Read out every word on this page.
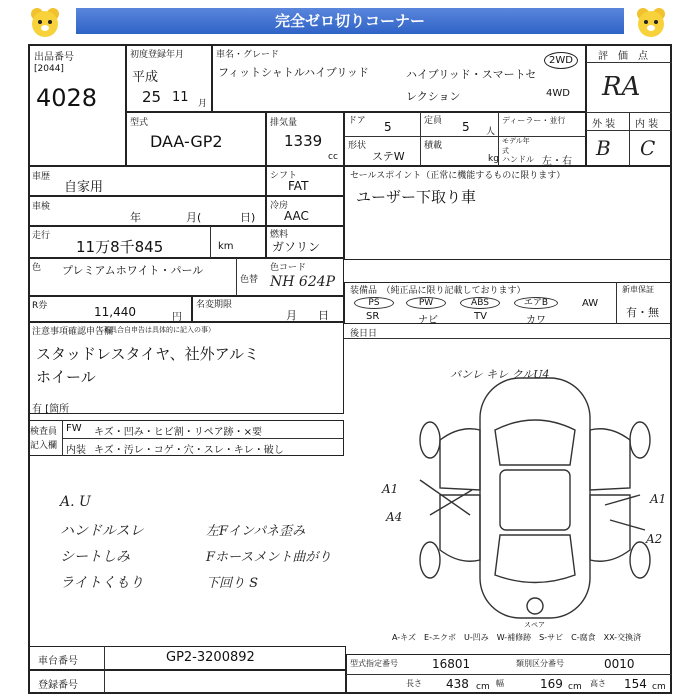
完全ゼロ切りコーナー
出品番号
[2044]
4028
初度登録年月
平成
25 11 月
車名・グレード
フィットシャトルハイブリッド	ハイブリッド・スマートセレクション
2WD
4WD
評　価　点
RA
外 装 内 装
B C
型式
DAA-GP2
排気量
1339
cc
ドア 5	定員 5 人
ディーラー・並行
形状
ステW
積載
kg
モデル年式
ハンドル 左・右
車歴
自家用
シフト
FAT
セールスポイント（正常に機能するものに限ります）
ユーザー下取り車
車検
年	月(	日)
冷房
AAC
走行
11万8千845	km
燃料
ガソリン
色 プレミアムホワイト・パール
色替
色コード
NH 624P
装備品　（純正品に限り記載しております）
PS	PW	ABS	エアB	AW
SR	ナビ	TV	カワ
新車保証
有・無
R券	11,440	円
名変期限
月 日
後日日
注意事項確認申告欄
（不具合自申告は具体的に記入の事）
スタッドレスタイヤ、社外アルミ
ホイール
有 [箇所
検査員
記入欄
FW キズ・凹み・ヒビ割・リペア跡・×要
内装 キズ・汚レ・コゲ・穴・スレ・キレ・破し
A. U
ハンドルスレ
シートしみ
ライトくもり
左Fインパネ歪み
Fホースメント曲がり
下回り S
バンレ キレ クルU4
A1
A4
A1
A2
スペア
A-キズ　E-エクボ　U-凹み　W-補修跡　S-サビ　C-腐食　XX-交換済
車台番号	GP2-3200892
登録番号
型式指定番号	16801	類別区分番号	0010
長さ 438 cm 幅	169 cm 高さ 154 cm
